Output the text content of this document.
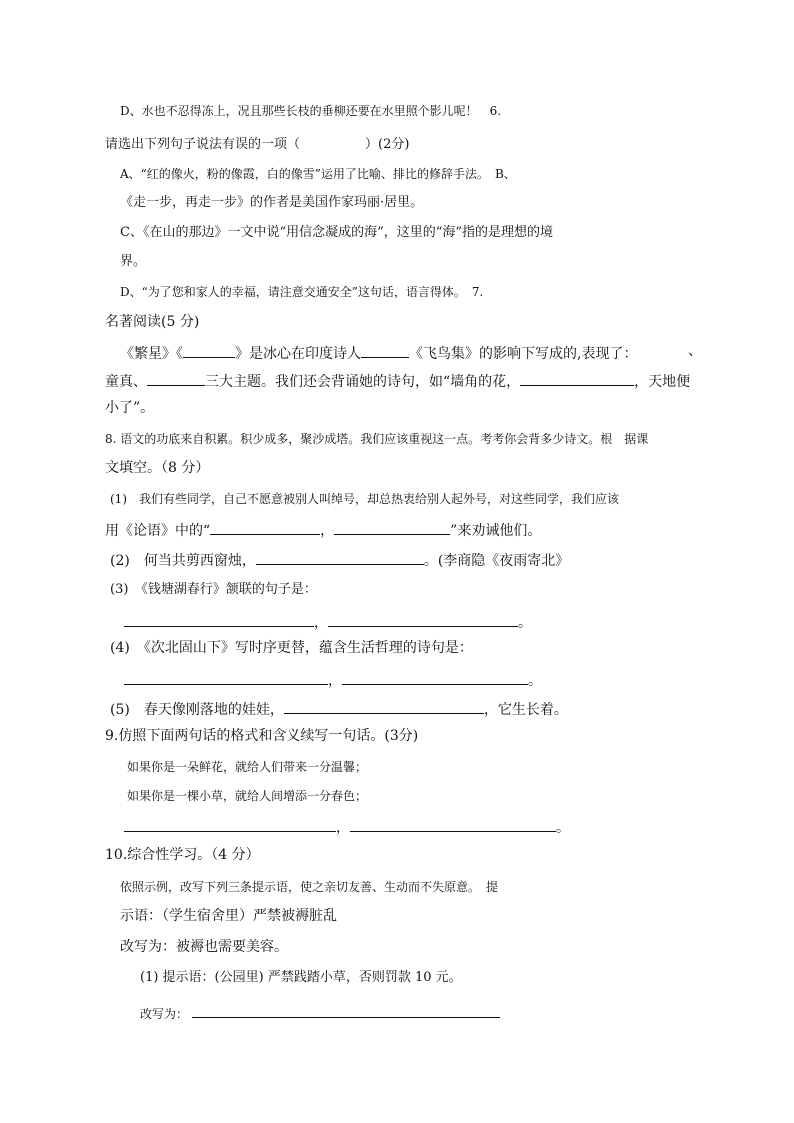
D、水也不忍得冻上，况且那些长枝的垂柳还要在水里照个影儿呢！　6.
请选出下列句子说法有误的一项（　　　　　）(2分)
A、“红的像火，粉的像霞，白的像雪”运用了比喻、排比的修辞手法。　B、
《走一步，再走一步》的作者是美国作家玛丽·居里。
C、《在山的那边》一文中说“用信念凝成的海”，这里的“海”指的是理想的境
界。
D、“为了您和家人的幸福，请注意交通安全”这句话，语言得体。　7.
名著阅读(5 分)
《繁星》《	》是冰心在印度诗人	《飞鸟集》的影响下写成的,表现了：	、
童真、	三大主题。我们还会背诵她的诗句，如“墙角的花，	，天地便
小了”。
8. 语文的功底来自积累。积少成多，聚沙成塔。我们应该重视这一点。考考你会背多少诗文。根　据课
文填空。（8 分）
(1)　我们有些同学，自己不愿意被别人叫绰号，却总热衷给别人起外号，对这些同学，我们应该
用《论语》中的“	，	”来劝诫他们。
(2)　何当共剪西窗烛，	。(李商隐《夜雨寄北》
(3)　《钱塘湖春行》颔联的句子是：
，	。
(4)　《次北固山下》写时序更替，蕴含生活哲理的诗句是：
，	。
(5)　春天像刚落地的娃娃，	，它生长着。
9.仿照下面两句话的格式和含义续写一句话。(3分)
如果你是一朵鲜花，就给人们带来一分温馨；
如果你是一棵小草，就给人间增添一分春色；
，	。
10.综合性学习。（4 分）
依照示例，改写下列三条提示语，使之亲切友善、生动而不失原意。　提
示语：（学生宿舍里）严禁被褥脏乱
改写为：被褥也需要美容。
(1) 提示语：(公园里) 严禁践踏小草，否则罚款 10 元。
改写为：
